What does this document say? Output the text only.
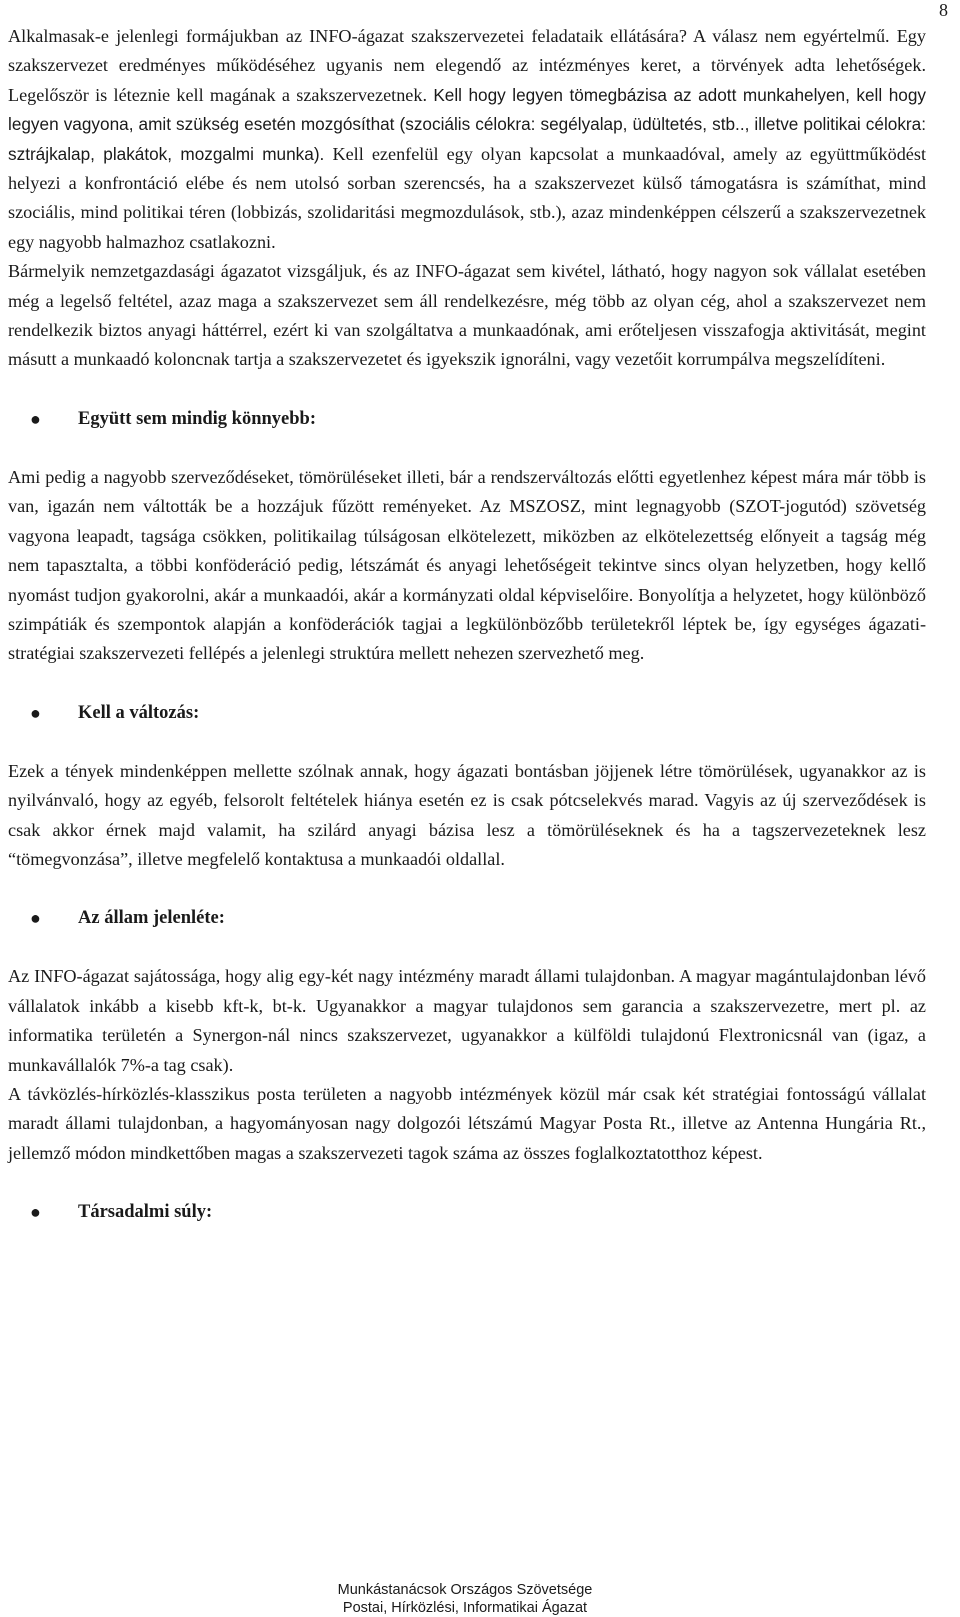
8

Alkalmasak-e jelenlegi formájukban az INFO-ágazat szakszervezetei feladataik ellátására? A válasz nem egyértelmű. Egy szakszervezet eredményes működéséhez ugyanis nem elegendő az intézményes keret, a törvények adta lehetőségek. Legelőször is léteznie kell magának a szakszervezetnek. Kell hogy legyen tömegbázisa az adott munkahelyen, kell hogy legyen vagyona, amit szükség esetén mozgósíthat (szociális célokra: segélyalap, üdültetés, stb.., illetve politikai célokra: sztrájkalap, plakátok, mozgalmi munka). Kell ezenfelül egy olyan kapcsolat a munkaadóval, amely az együttműködést helyezi a konfrontáció elébe és nem utolsó sorban szerencsés, ha a szakszervezet külső támogatásra is számíthat, mind szociális, mind politikai téren (lobbizás, szolidaritási megmozdulások, stb.), azaz mindenképpen célszerű a szakszervezetnek egy nagyobb halmazhoz csatlakozni.

Bármelyik nemzetgazdasági ágazatot vizsgáljuk, és az INFO-ágazat sem kivétel, látható, hogy nagyon sok vállalat esetében még a legelső feltétel, azaz maga a szakszervezet sem áll rendelkezésre, még több az olyan cég, ahol a szakszervezet nem rendelkezik biztos anyagi háttérrel, ezért ki van szolgáltatva a munkaadónak, ami erőteljesen visszafogja aktivitását, megint másutt a munkaadó koloncnak tartja a szakszervezetet és igyekszik ignorálni, vagy vezetőit korrumpálva megszelídíteni.

● Együtt sem mindig könnyebb:

Ami pedig a nagyobb szerveződéseket, tömörüléseket illeti, bár a rendszerváltozás előtti egyetlenhez képest mára már több is van, igazán nem váltották be a hozzájuk fűzött reményeket. Az MSZOSZ, mint legnagyobb (SZOT-jogutód) szövetség vagyona leapadt, tagsága csökken, politikailag túlságosan elkötelezett, miközben az elkötelezettség előnyeit a tagság még nem tapasztalta, a többi konföderáció pedig, létszámát és anyagi lehetőségeit tekintve sincs olyan helyzetben, hogy kellő nyomást tudjon gyakorolni, akár a munkaadói, akár a kormányzati oldal képviselőire. Bonyolítja a helyzetet, hogy különböző szimpátiák és szempontok alapján a konföderációk tagjai a legkülönbözőbb területekről léptek be, így egységes ágazati-stratégiai szakszervezeti fellépés a jelenlegi struktúra mellett nehezen szervezhető meg.

● Kell a változás:

Ezek a tények mindenképpen mellette szólnak annak, hogy ágazati bontásban jöjjenek létre tömörülések, ugyanakkor az is nyilvánvaló, hogy az egyéb, felsorolt feltételek hiánya esetén ez is csak pótcselekvés marad. Vagyis az új szerveződések is csak akkor érnek majd valamit, ha szilárd anyagi bázisa lesz a tömörüléseknek és ha a tagszervezeteknek lesz “tömegvonzása”, illetve megfelelő kontaktusa a munkaadói oldallal.

● Az állam jelenléte:

Az INFO-ágazat sajátossága, hogy alig egy-két nagy intézmény maradt állami tulajdonban. A magyar magántulajdonban lévő vállalatok inkább a kisebb kft-k, bt-k. Ugyanakkor a magyar tulajdonos sem garancia a szakszervezetre, mert pl. az informatika területén a Synergon-nál nincs szakszervezet, ugyanakkor a külföldi tulajdonú Flextronicsnál van (igaz, a munkavállalók 7%-a tag csak).

A távközlés-hírközlés-klasszikus posta területen a nagyobb intézmények közül már csak két stratégiai fontosságú vállalat maradt állami tulajdonban, a hagyományosan nagy dolgozói létszámú Magyar Posta Rt., illetve az Antenna Hungária Rt., jellemző módon mindkettőben magas a szakszervezeti tagok száma az összes foglalkoztatotthoz képest.

● Társadalmi súly:
Munkástanácsok Országos Szövetsége
Postai, Hírközlési, Informatikai Ágazat
